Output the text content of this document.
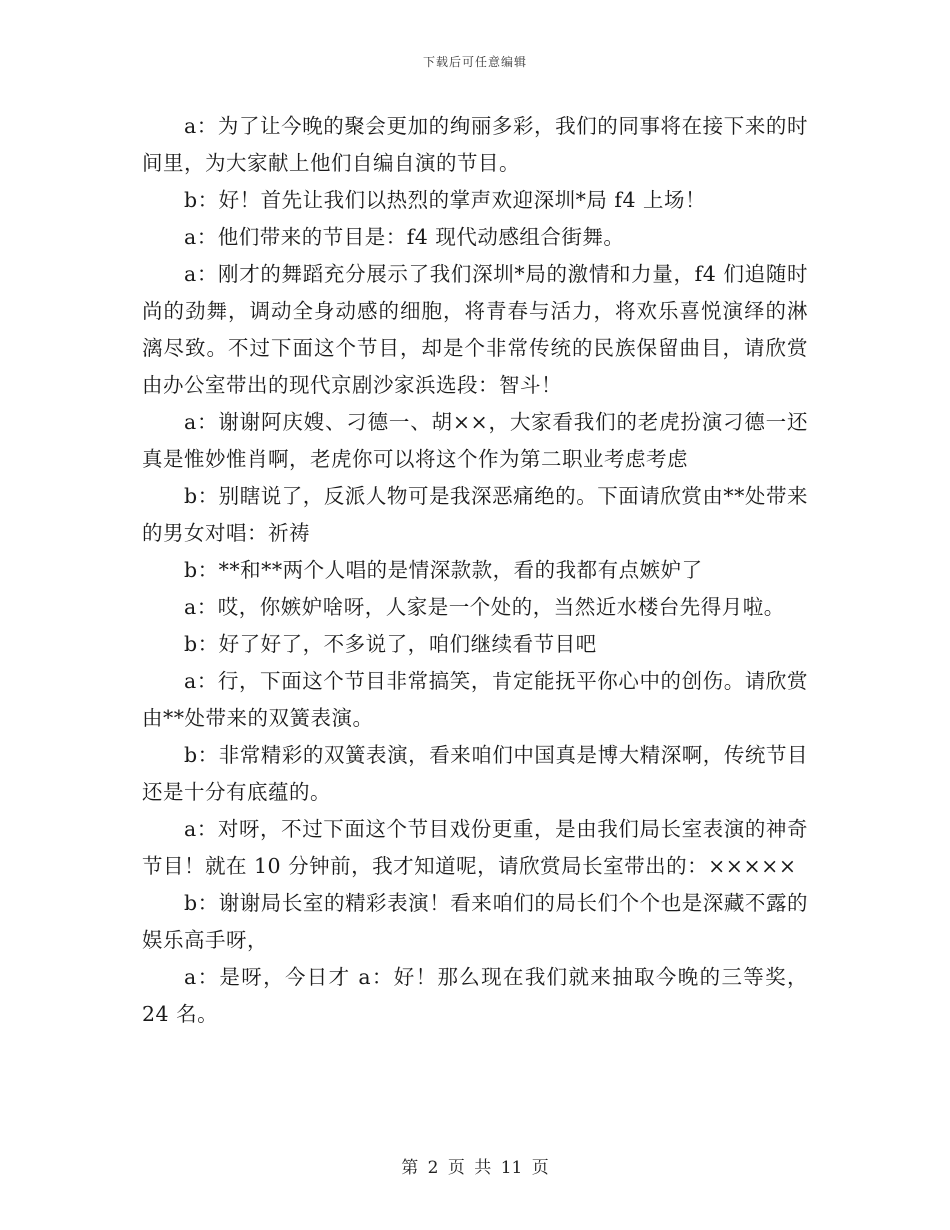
下载后可任意编辑

a：为了让今晚的聚会更加的绚丽多彩，我们的同事将在接下来的时间里，为大家献上他们自编自演的节目。

b：好！首先让我们以热烈的掌声欢迎深圳*局 f4 上场！

a：他们带来的节目是：f4 现代动感组合街舞。

a：刚才的舞蹈充分展示了我们深圳*局的激情和力量，f4 们追随时尚的劲舞，调动全身动感的细胞，将青春与活力，将欢乐喜悦演绎的淋漓尽致。不过下面这个节目，却是个非常传统的民族保留曲目，请欣赏由办公室带出的现代京剧沙家浜选段：智斗！

a：谢谢阿庆嫂、刁德一、胡××，大家看我们的老虎扮演刁德一还真是惟妙惟肖啊，老虎你可以将这个作为第二职业考虑考虑

b：别瞎说了，反派人物可是我深恶痛绝的。下面请欣赏由**处带来的男女对唱：祈祷

b：**和**两个人唱的是情深款款，看的我都有点嫉妒了

a：哎，你嫉妒啥呀，人家是一个处的，当然近水楼台先得月啦。

b：好了好了，不多说了，咱们继续看节目吧

a：行，下面这个节目非常搞笑，肯定能抚平你心中的创伤。请欣赏由**处带来的双簧表演。

b：非常精彩的双簧表演，看来咱们中国真是博大精深啊，传统节目还是十分有底蕴的。

a：对呀，不过下面这个节目戏份更重，是由我们局长室表演的神奇节目！就在 10 分钟前，我才知道呢，请欣赏局长室带出的：×××××

b：谢谢局长室的精彩表演！看来咱们的局长们个个也是深藏不露的娱乐高手呀，

a：是呀，今日才 a：好！那么现在我们就来抽取今晚的三等奖，24 名。

第 2 页 共 11 页
